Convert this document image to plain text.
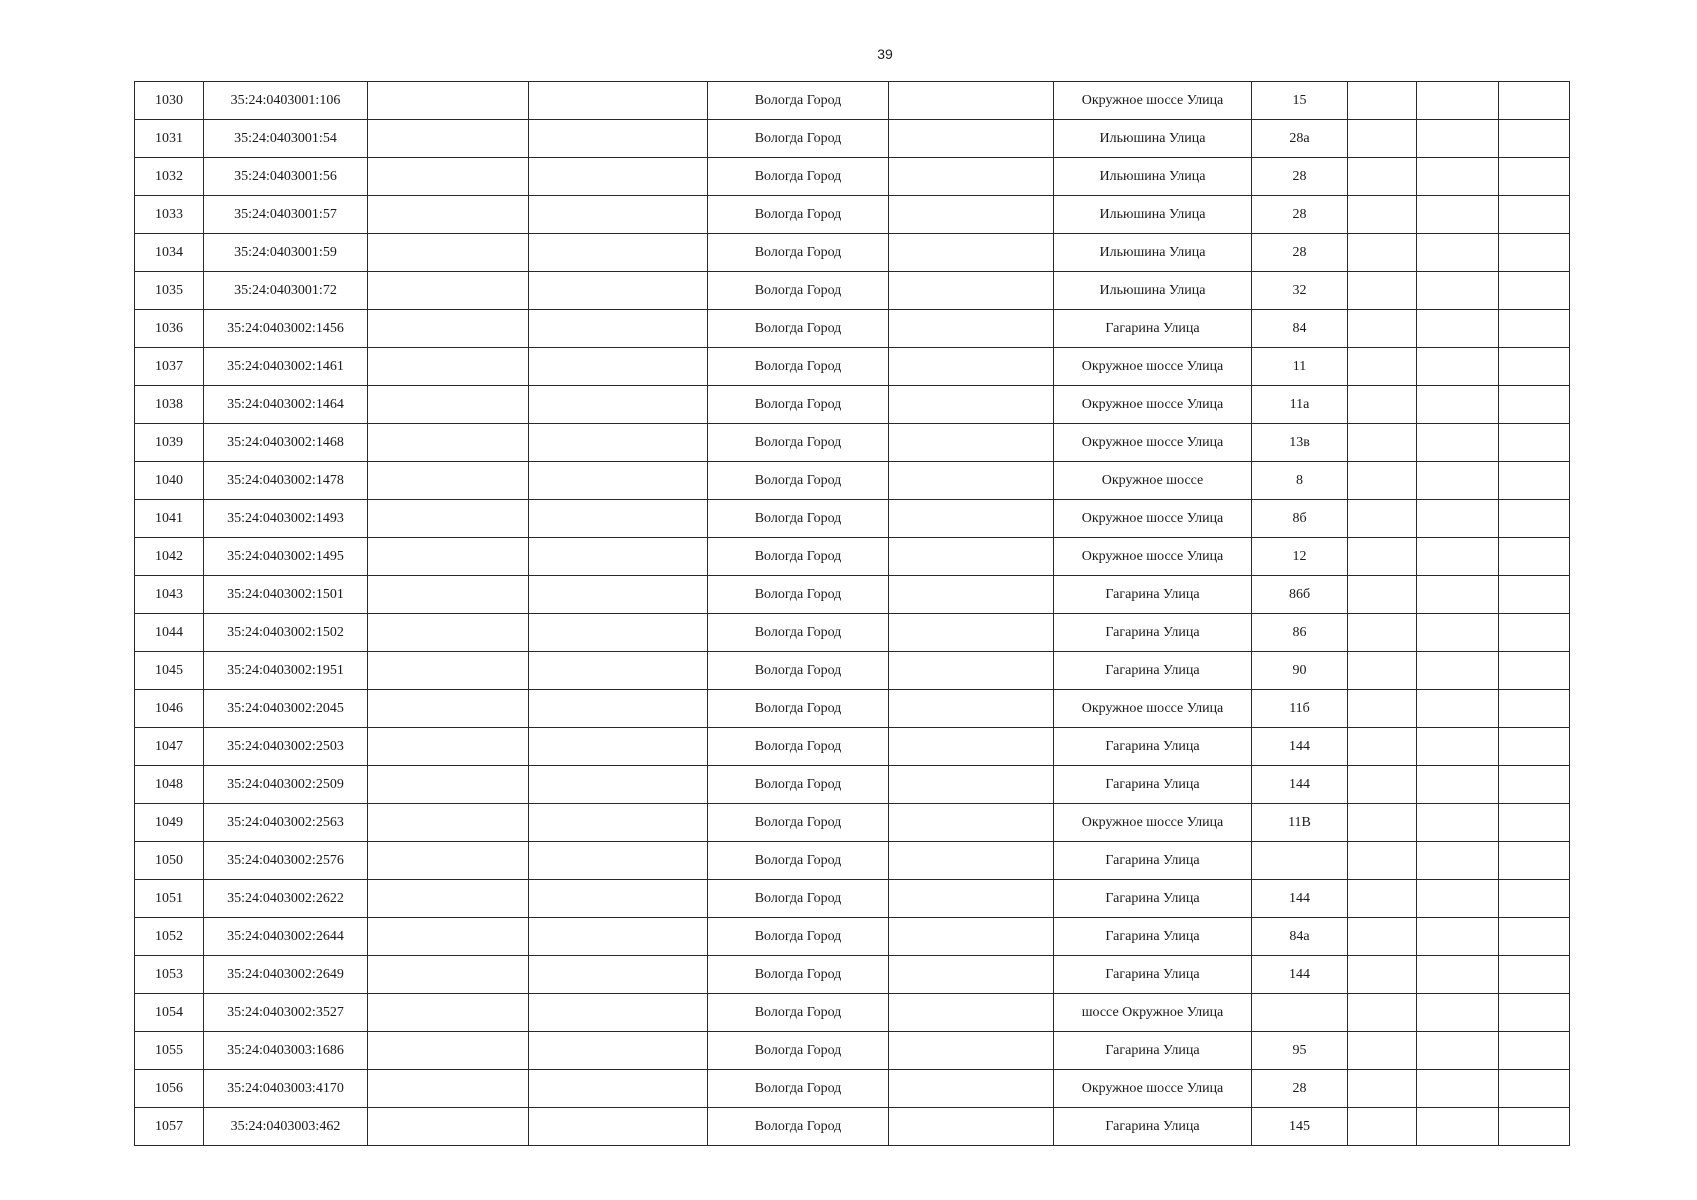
39
1030	35:24:0403001:106			Вологда Город		Окружное шоссе Улица	15			
1031	35:24:0403001:54			Вологда Город		Ильюшина Улица	28а			
1032	35:24:0403001:56			Вологда Город		Ильюшина Улица	28			
1033	35:24:0403001:57			Вологда Город		Ильюшина Улица	28			
1034	35:24:0403001:59			Вологда Город		Ильюшина Улица	28			
1035	35:24:0403001:72			Вологда Город		Ильюшина Улица	32			
1036	35:24:0403002:1456			Вологда Город		Гагарина Улица	84			
1037	35:24:0403002:1461			Вологда Город		Окружное шоссе Улица	11			
1038	35:24:0403002:1464			Вологда Город		Окружное шоссе Улица	11а			
1039	35:24:0403002:1468			Вологда Город		Окружное шоссе Улица	13в			
1040	35:24:0403002:1478			Вологда Город		Окружное шоссе	8			
1041	35:24:0403002:1493			Вологда Город		Окружное шоссе Улица	8б			
1042	35:24:0403002:1495			Вологда Город		Окружное шоссе Улица	12			
1043	35:24:0403002:1501			Вологда Город		Гагарина Улица	86б			
1044	35:24:0403002:1502			Вологда Город		Гагарина Улица	86			
1045	35:24:0403002:1951			Вологда Город		Гагарина Улица	90			
1046	35:24:0403002:2045			Вологда Город		Окружное шоссе Улица	11б			
1047	35:24:0403002:2503			Вологда Город		Гагарина Улица	144			
1048	35:24:0403002:2509			Вологда Город		Гагарина Улица	144			
1049	35:24:0403002:2563			Вологда Город		Окружное шоссе Улица	11В			
1050	35:24:0403002:2576			Вологда Город		Гагарина Улица				
1051	35:24:0403002:2622			Вологда Город		Гагарина Улица	144			
1052	35:24:0403002:2644			Вологда Город		Гагарина Улица	84а			
1053	35:24:0403002:2649			Вологда Город		Гагарина Улица	144			
1054	35:24:0403002:3527			Вологда Город		шоссе Окружное Улица				
1055	35:24:0403003:1686			Вологда Город		Гагарина Улица	95			
1056	35:24:0403003:4170			Вологда Город		Окружное шоссе Улица	28			
1057	35:24:0403003:462			Вологда Город		Гагарина Улица	145			
